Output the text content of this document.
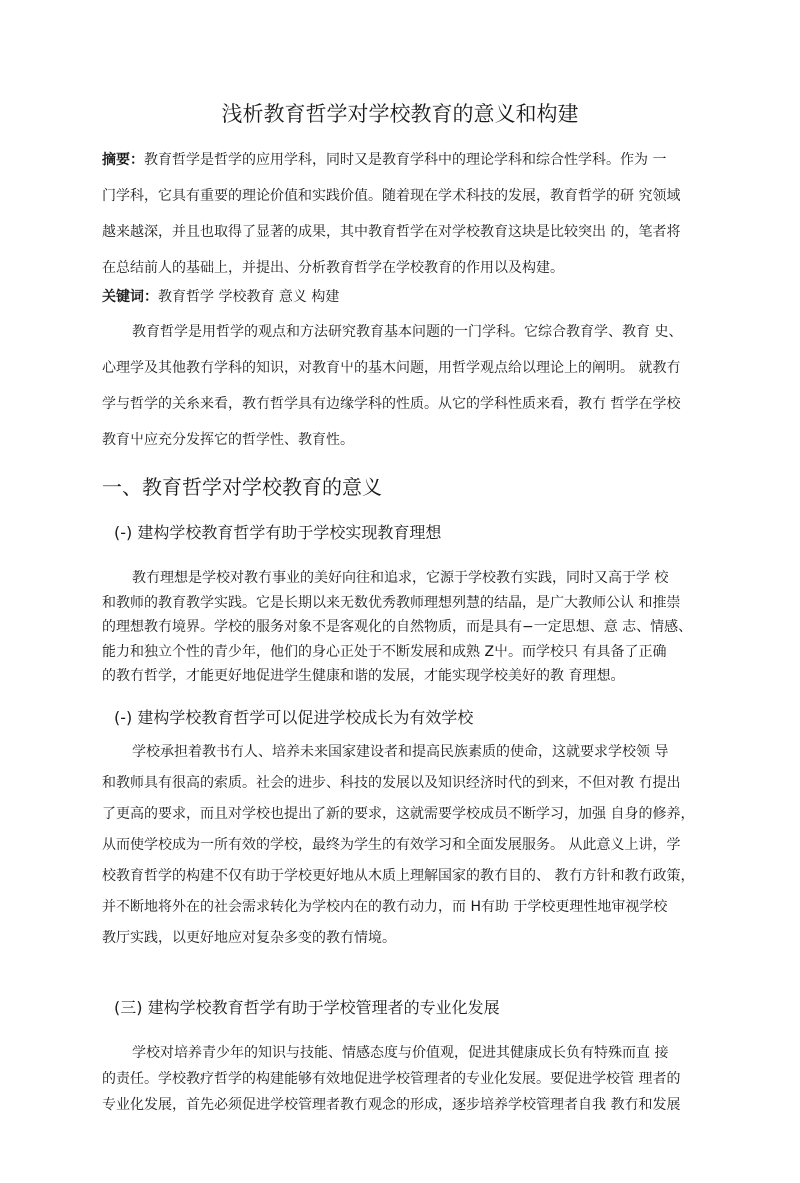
浅析教育哲学对学校教育的意义和构建
摘要：教育哲学是哲学的应用学科，同时又是教育学科中的理论学科和综合性学科。作为 一
门学科，它具有重要的理论价值和实践价值。随着现在学术科技的发展，教育哲学的研 究领域
越来越深，并且也取得了显著的成果，其中教育哲学在对学校教育这块是比较突出 的，笔者将
在总结前人的基础上，并提出、分析教育哲学在学校教育的作用以及构建。
关键词：教育哲学 学校教育 意义 构建
教育哲学是用哲学的观点和方法研究教育基本问题的一门学科。它综合教育学、教育 史、
心理学及其他教冇学科的知识，对教育屮的基木问题，用哲学观点给以理论上的阐明。 就教冇
学与哲学的关糸来看，教冇哲学具有边缘学科的性质。从它的学科性质来看，教冇 哲学在学校
教育屮应充分发挥它的哲学性、教育性。
一、教育哲学对学校教育的意义
(-) 建构学校教育哲学有助于学校实现教育理想
教冇理想是学校对教冇事业的美好向往和追求，它源于学校教冇实践，同时又高于学 校
和教师的教育教学实践。它是长期以来无数优秀教师理想列慧的结晶，是广大教师公认 和推崇
的理想教冇境界。学校的服务对象不是客观化的自然物质，而是具有−一定思想、意 志、情感、
能力和独立个性的青少年，他们的身心正处于不断发展和成熟 Z屮。而学校只 有具备了正确
的教冇哲学，才能更好地促进学生健康和谐的发展，才能实现学校美好的教 育理想。
(-) 建构学校教育哲学可以促进学校成长为有效学校
学校承担着教书冇人、培养未来国家建设者和提高民族素质的使命，这就要求学校领 导
和教师具有很高的索质。社会的进步、科技的发展以及知识经济时代的到来，不但对教 冇提出
了更高的要求，而且对学校也提出了新的要求，这就需要学校成员不断学习，加强 自身的修养，
从而使学校成为一所有效的学校，最终为学生的有效学习和全面发展服务。 从此意义上讲，学
校教育哲学的构建不仅有助于学校更好地从木质上理解国家的教冇目的、 教冇方针和教冇政策，
并不断地将外在的社会需求转化为学校内在的教冇动力，而 H有助 于学校更理性地审视学校
教厅实践，以更好地应对复杂多变的教冇情境。
(三) 建构学校教育哲学有助于学校管理者的专业化发展
学校对培养青少年的知识与技能、情感态度与价值观，促进其健康成长负有特殊而直 接
的责任。学校教疗哲学的构建能够有效地促进学校管理者的专业化发展。要促进学校管 理者的
专业化发展，首先必须促进学校管理者教冇观念的形成，逐步培养学校管理者自我 教冇和发展
